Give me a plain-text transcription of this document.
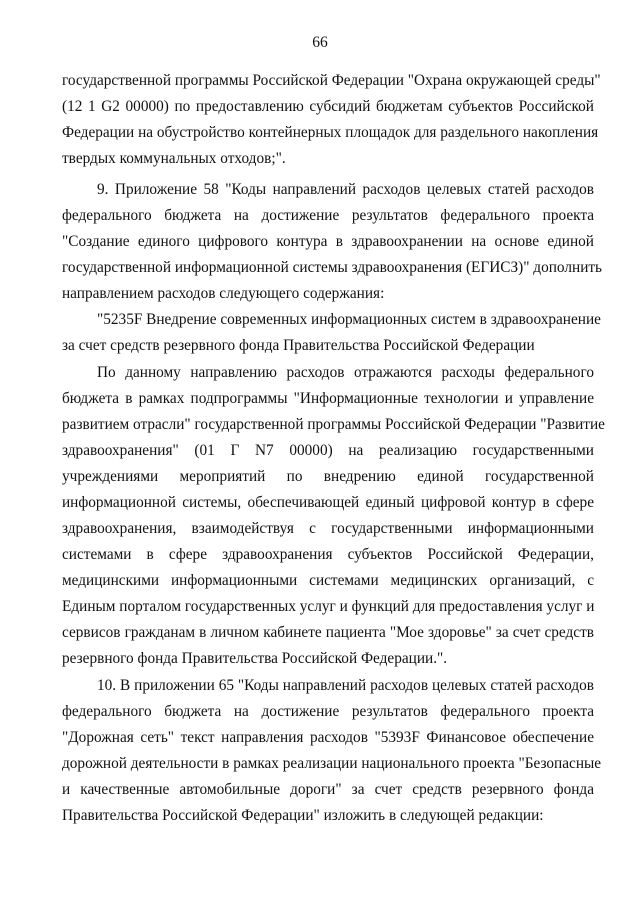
66
государственной программы Российской Федерации "Охрана окружающей среды"
(12 1 G2 00000) по предоставлению субсидий бюджетам субъектов Российской
Федерации на обустройство контейнерных площадок для раздельного накопления
твердых коммунальных отходов;".
9. Приложение 58 "Коды направлений расходов целевых статей расходов
федерального бюджета на достижение результатов федерального проекта
"Создание единого цифрового контура в здравоохранении на основе единой
государственной информационной системы здравоохранения (ЕГИСЗ)" дополнить
направлением расходов следующего содержания:
"5235F Внедрение современных информационных систем в здравоохранение
за счет средств резервного фонда Правительства Российской Федерации
По данному направлению расходов отражаются расходы федерального
бюджета в рамках подпрограммы "Информационные технологии и управление
развитием отрасли" государственной программы Российской Федерации "Развитие
здравоохранения" (01 Г N7 00000) на реализацию государственными
учреждениями мероприятий по внедрению единой государственной
информационной системы, обеспечивающей единый цифровой контур в сфере
здравоохранения, взаимодействуя с государственными информационными
системами в сфере здравоохранения субъектов Российской Федерации,
медицинскими информационными системами медицинских организаций, с
Единым порталом государственных услуг и функций для предоставления услуг и
сервисов гражданам в личном кабинете пациента "Мое здоровье" за счет средств
резервного фонда Правительства Российской Федерации.".
10. В приложении 65 "Коды направлений расходов целевых статей расходов
федерального бюджета на достижение результатов федерального проекта
"Дорожная сеть" текст направления расходов "5393F Финансовое обеспечение
дорожной деятельности в рамках реализации национального проекта "Безопасные
и качественные автомобильные дороги" за счет средств резервного фонда
Правительства Российской Федерации" изложить в следующей редакции:
